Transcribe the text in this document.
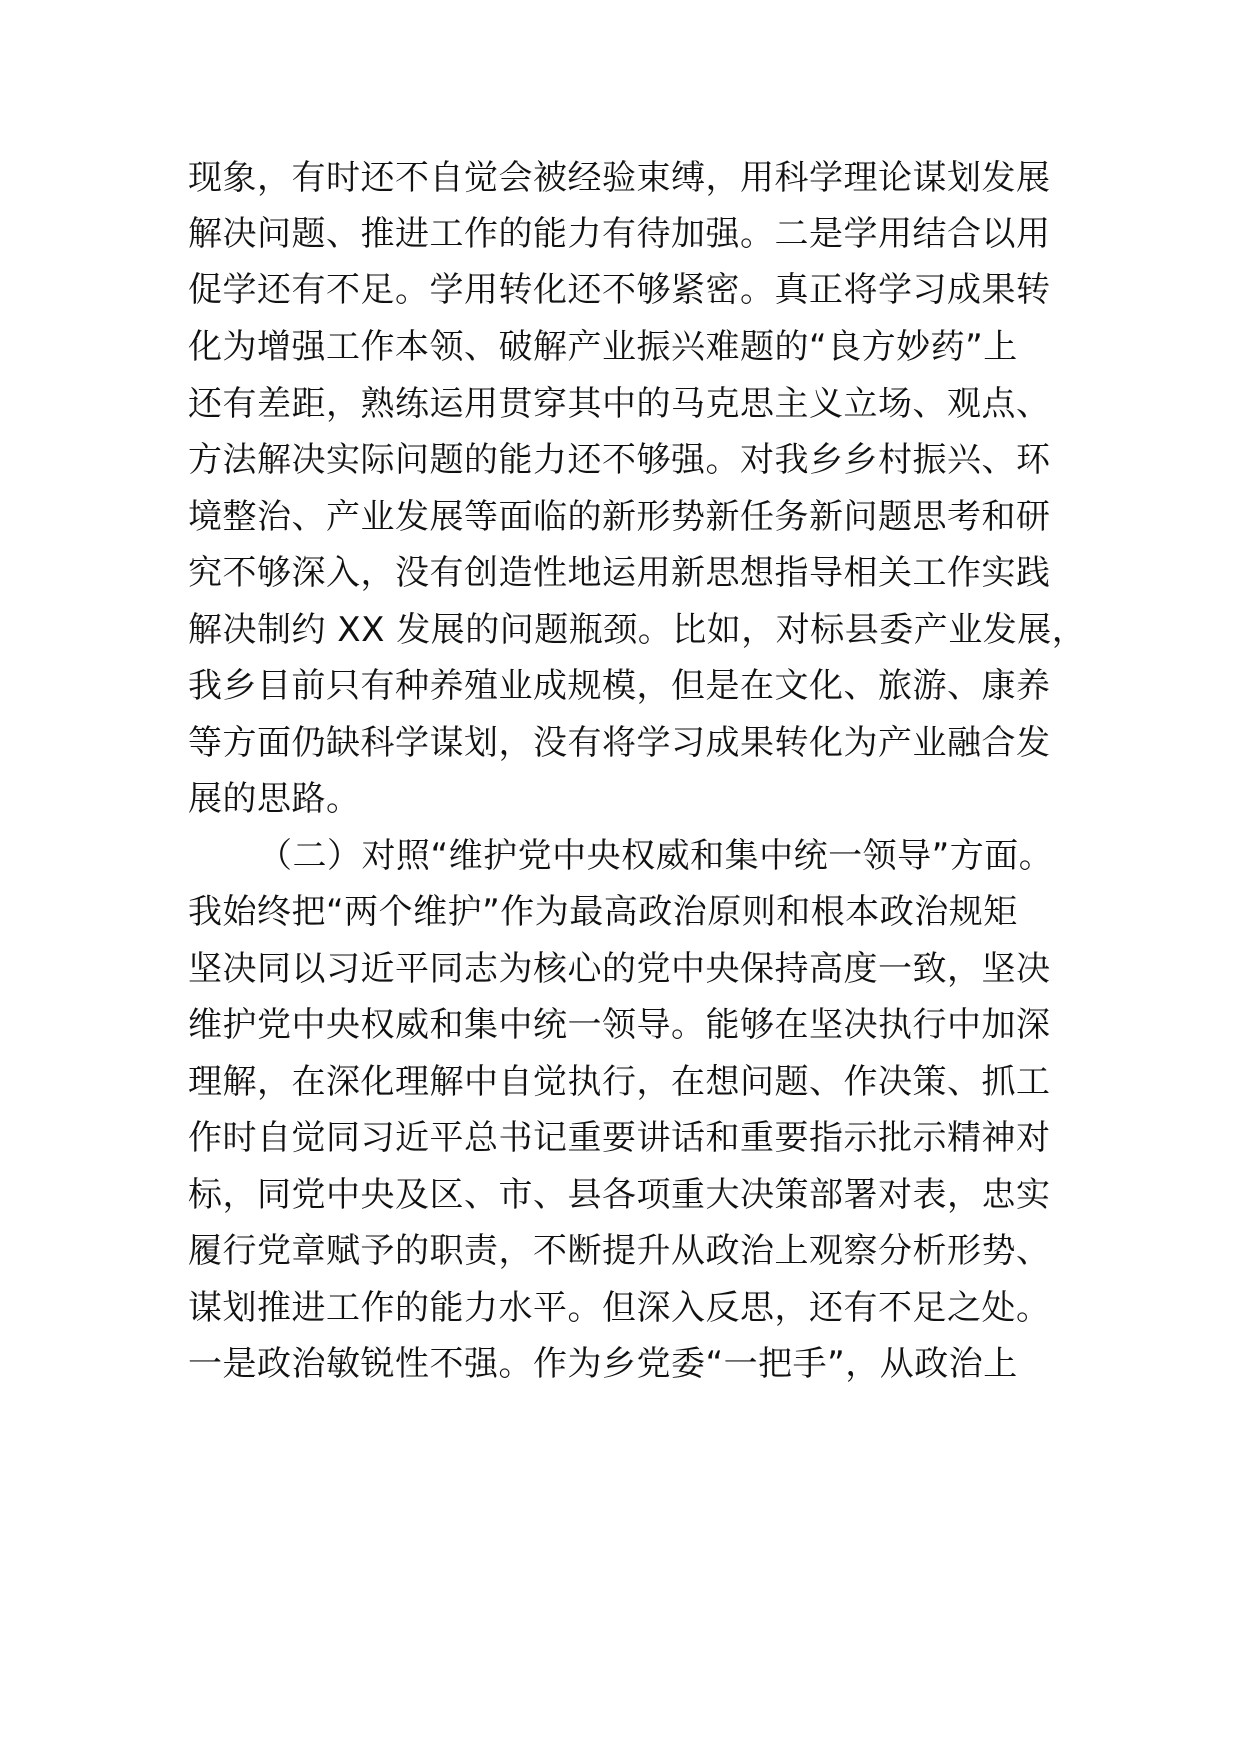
现象，有时还不自觉会被经验束缚，用科学理论谋划发展
解决问题、推进工作的能力有待加强。二是学用结合以用
促学还有不足。学用转化还不够紧密。真正将学习成果转
化为增强工作本领、破解产业振兴难题的“良方妙药”上
还有差距，熟练运用贯穿其中的马克思主义立场、观点、
方法解决实际问题的能力还不够强。对我乡乡村振兴、环
境整治、产业发展等面临的新形势新任务新问题思考和研
究不够深入，没有创造性地运用新思想指导相关工作实践
解决制约 XX 发展的问题瓶颈。比如，对标县委产业发展，
我乡目前只有种养殖业成规模，但是在文化、旅游、康养
等方面仍缺科学谋划，没有将学习成果转化为产业融合发
展的思路。
（二）对照“维护党中央权威和集中统一领导”方面。
我始终把“两个维护”作为最高政治原则和根本政治规矩
坚决同以习近平同志为核心的党中央保持高度一致，坚决
维护党中央权威和集中统一领导。能够在坚决执行中加深
理解，在深化理解中自觉执行，在想问题、作决策、抓工
作时自觉同习近平总书记重要讲话和重要指示批示精神对
标，同党中央及区、市、县各项重大决策部署对表，忠实
履行党章赋予的职责，不断提升从政治上观察分析形势、
谋划推进工作的能力水平。但深入反思，还有不足之处。
一是政治敏锐性不强。作为乡党委“一把手”，从政治上
